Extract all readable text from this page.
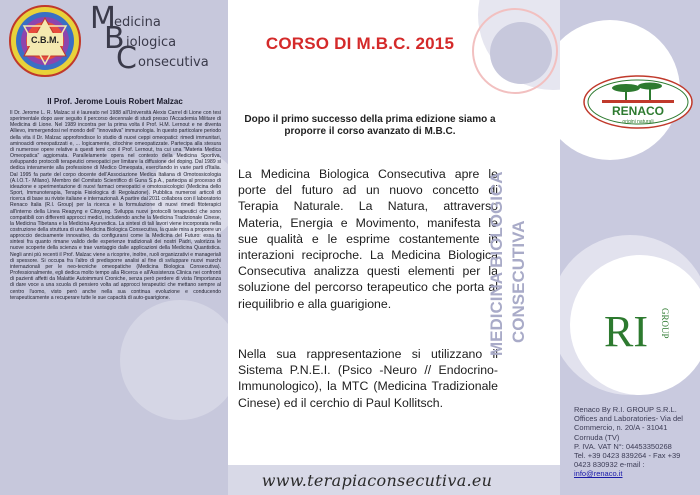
C.B.M.
M
edicina
B iologica
C onsecutiva
Il Prof. Jerome Louis Robert Malzac
Il Dr. Jerome L. R. Malzac si è laureato nel 1988 all'Università Alexis Carrel di Lione con tesi sperimentale dopo aver seguito il percorso decennale di studi presso l'Accademia Militare di Medicina di Lione. Nel 1989 incontra per la prima volta il Prof. H.M. Lernout e ne diventa Allievo, immergendosi nel mondo dell' "innovativa" immunologia. In questo particolare periodo della vita il Dr. Malzac approfondisce lo studio di nuovi ceppi omeopatici: rimedi immunitari, aminoacidi omeopatizzati e, ... logicamente, citochine omeopatizzate. Partecipa alla stesura di numerose opere relative a questi temi con il Prof. Lernout, tra cui una "Materia Medica Omeopatica" aggiornata. Parallelamente opera nel contesto della Medicina Sportiva, sviluppando protocolli terapeutici omeopatici per limitare la diffusione del doping. Dal 1989 si dedica interamente alla professione di Medico Omeopata, esercitando in varie parti d'Italia. Dal 1995 fa parte del corpo docente dell'Associazione Medica Italiana di Omotossicologia (A.I.O.T.- Milano). Membro del Comitato Scientifico di Guna S.p.A., partecipa al processo di ideazione e sperimentazione di nuovi farmaci omeopatici e omotossicologici (Medicina dello Sport, Immunoterapia, Terapia Fisiologica di Regolazione). Pubblica numerosi articoli di ricerca di base su riviste italiane e internazionali. A partire dal 2011 collabora con il laboratorio Renaco Italia (R.I. Group) per la ricerca e la formulazione di nuovi rimedi fitoterapici all'interno della Linea Reapyng e Citoyang. Sviluppa nuovi protocolli terapeutici che sono compatibili con differenti approcci medici, includendo anche la Medicina Tradizionale Cinese, la Medicina Tibetana e la Medicina Ayurvedica. La sintesi di tali lavori viene incorporata nella costruzione della struttura di una Medicina Biologica Consecutiva, la quale mira a proporre un approccio decisamente innovativo, da configurarsi come la Medicina del Futuro: essa fa sintesi fra quanto rimane valido delle esperienze tradizionali dei nostri Padri, valorizza le nuove scoperte della scienza e trae vantaggio dalle applicazioni della Medicina Quantistica. Negli anni più recenti il Prof. Malzac viene a ricoprire, inoltre, ruoli organizzativi e manageriali di spessore. Si occupa fra l'altro di predisporre analisi al fine di sviluppare nuovi marchi internazionali per le neo-tecniche omeopatiche (Medicina Biologica Consecutiva). Professionalmente, egli dedica molto tempo alla Ricerca e all'Assistenza Clinica nei confronti di pazienti affetti da Malattie Autoimmuni Croniche, senza però perdere di vista l'importanza di dare voce a una scuola di pensiero volta ad approcci terapeutici che mettano sempre al centro l'uomo, visto però anche nella sua continua evoluzione e conducendo terapeuticamente a recuperare tutte le sue capacità di auto-guarigione.
CORSO DI M.B.C. 2015
Dopo il primo successo della prima edizione siamo a proporre il corso avanzato di M.B.C.
La Medicina Biologica Consecutiva apre le porte del futuro ad un nuovo concetto di Terapia Naturale. La Natura, attraverso Materia, Energia e Movimento, manifesta le sue qualità e le esprime costantemente in interazioni reciproche. La Medicina Biologica Consecutiva analizza questi elementi per la soluzione del percorso terapeutico che porta al riequilibrio e alla guarigione.
Nella sua rappresentazione si utilizzano il Sistema P.N.E.I. (Psico -Neuro // Endocrino-Immunologico), la MTC (Medicina Tradizionale Cinese) ed il cerchio di Paul Kollitsch.
MEDICINA BIOLOGICA CONSECUTIVA
www.terapiaconsecutiva.eu
RENACO
origini naturali
RI GROUP
Renaco By R.I. GROUP S.R.L.
Offices and Laboratories- Via del Commercio, n. 20/A - 31041 Cornuda (TV)
P. IVA. VAT N°: 04453350268
Tel. +39 0423 839264 - Fax +39 0423 830932 e-mail :
info@renaco.it
